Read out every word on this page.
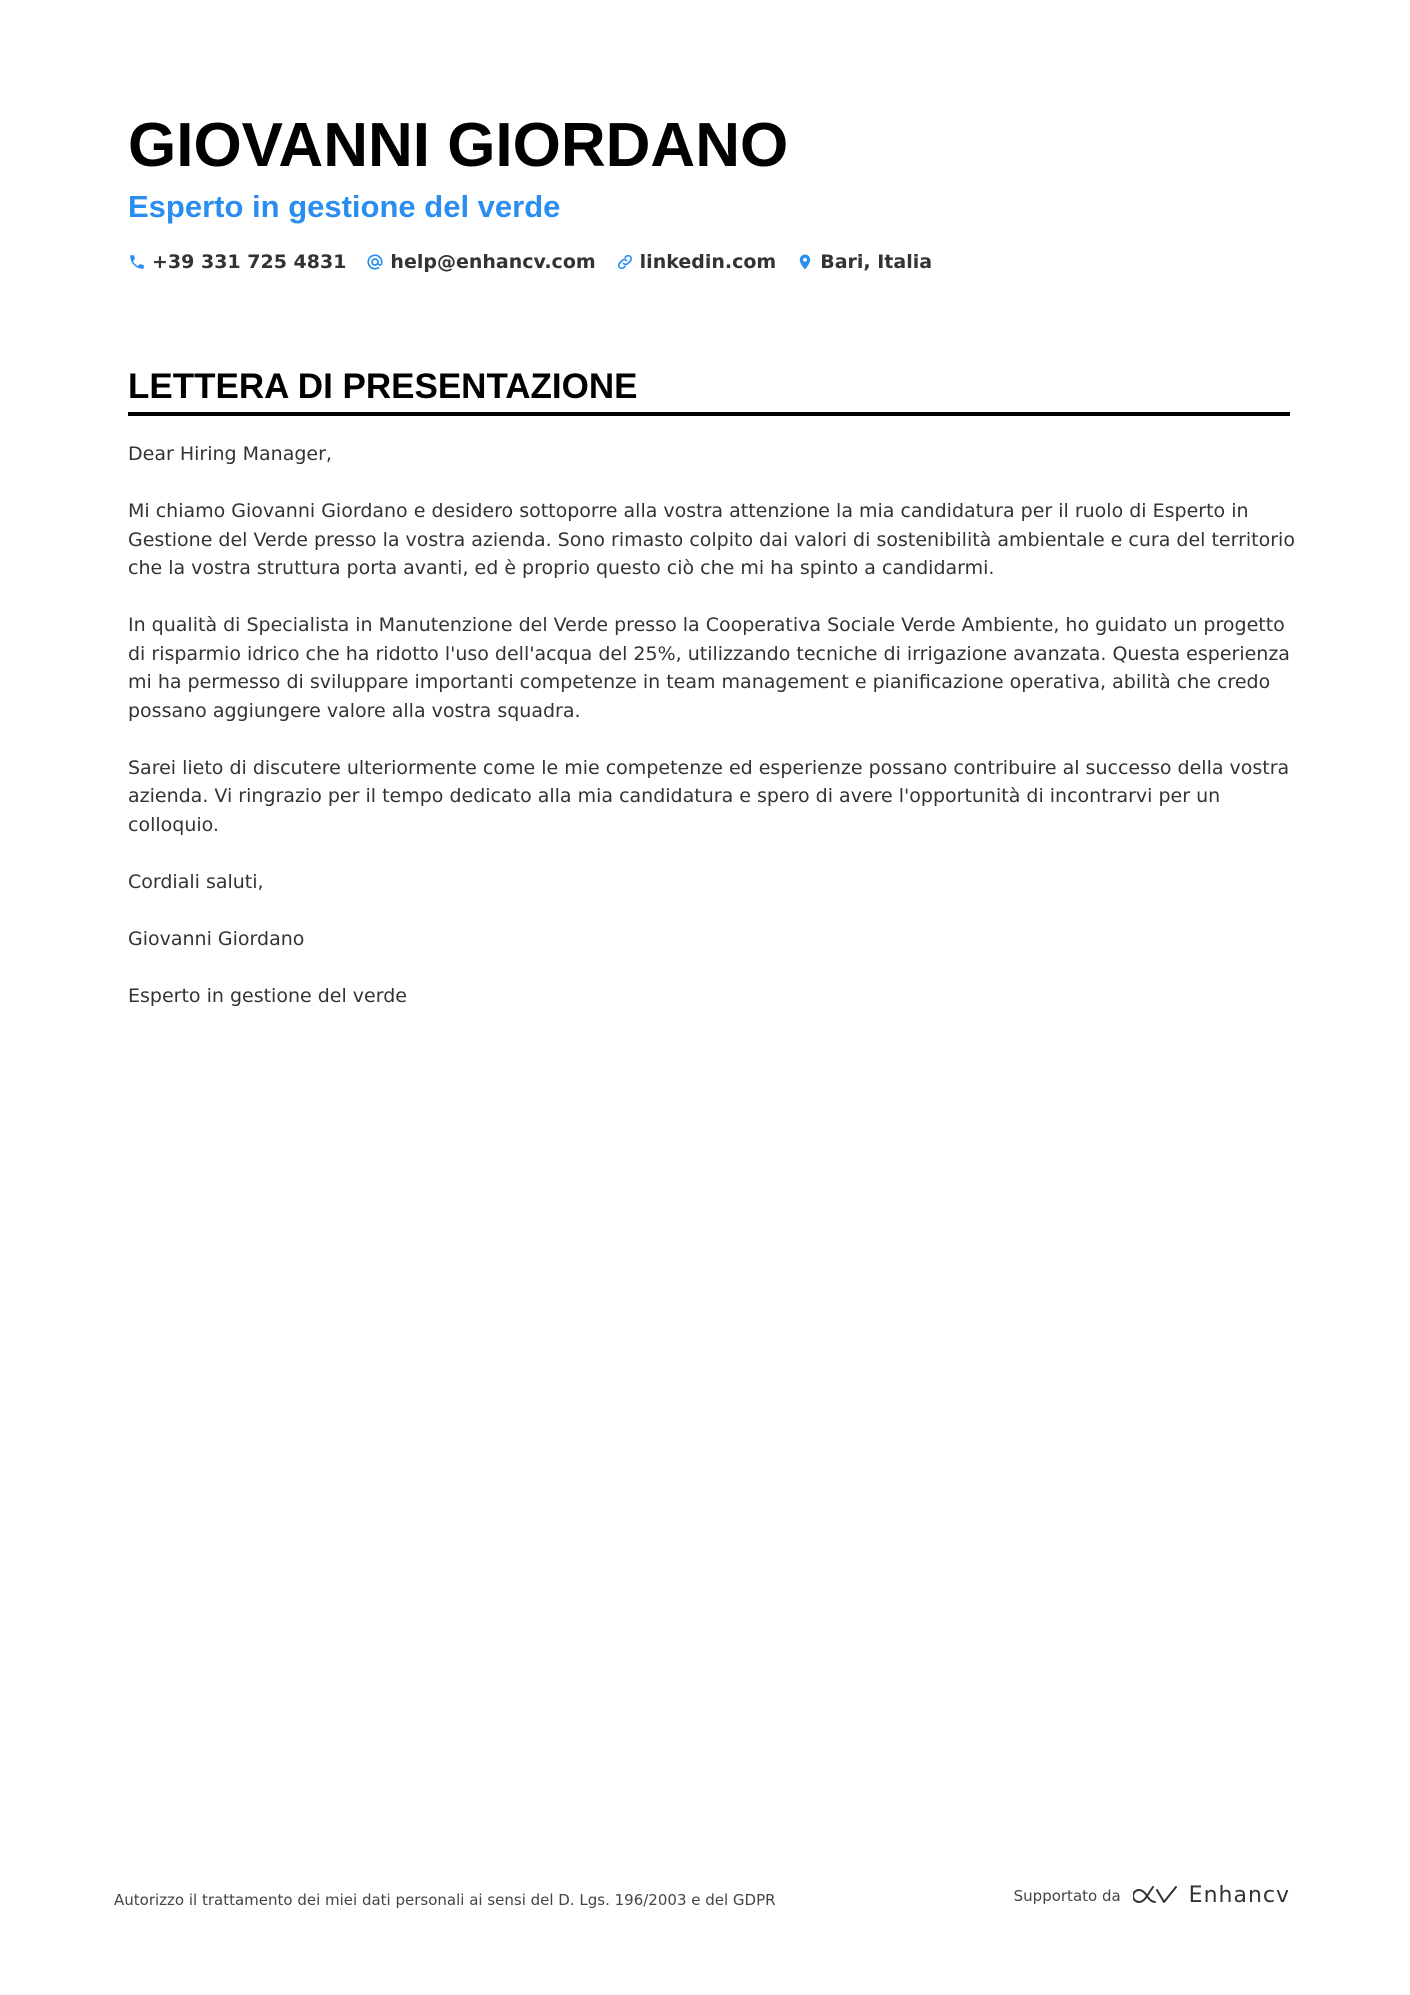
GIOVANNI GIORDANO
Esperto in gestione del verde
+39 331 725 4831 help@enhancv.com linkedin.com Bari, Italia
LETTERA DI PRESENTAZIONE

Dear Hiring Manager,

Mi chiamo Giovanni Giordano e desidero sottoporre alla vostra attenzione la mia candidatura per il ruolo di Esperto in Gestione del Verde presso la vostra azienda. Sono rimasto colpito dai valori di sostenibilità ambientale e cura del territorio che la vostra struttura porta avanti, ed è proprio questo ciò che mi ha spinto a candidarmi.

In qualità di Specialista in Manutenzione del Verde presso la Cooperativa Sociale Verde Ambiente, ho guidato un progetto di risparmio idrico che ha ridotto l'uso dell'acqua del 25%, utilizzando tecniche di irrigazione avanzata. Questa esperienza mi ha permesso di sviluppare importanti competenze in team management e pianificazione operativa, abilità che credo possano aggiungere valore alla vostra squadra.

Sarei lieto di discutere ulteriormente come le mie competenze ed esperienze possano contribuire al successo della vostra azienda. Vi ringrazio per il tempo dedicato alla mia candidatura e spero di avere l'opportunità di incontrarvi per un colloquio.

Cordiali saluti,

Giovanni Giordano

Esperto in gestione del verde

Autorizzo il trattamento dei miei dati personali ai sensi del D. Lgs. 196/2003 e del GDPR	Supportato da	Enhancv
